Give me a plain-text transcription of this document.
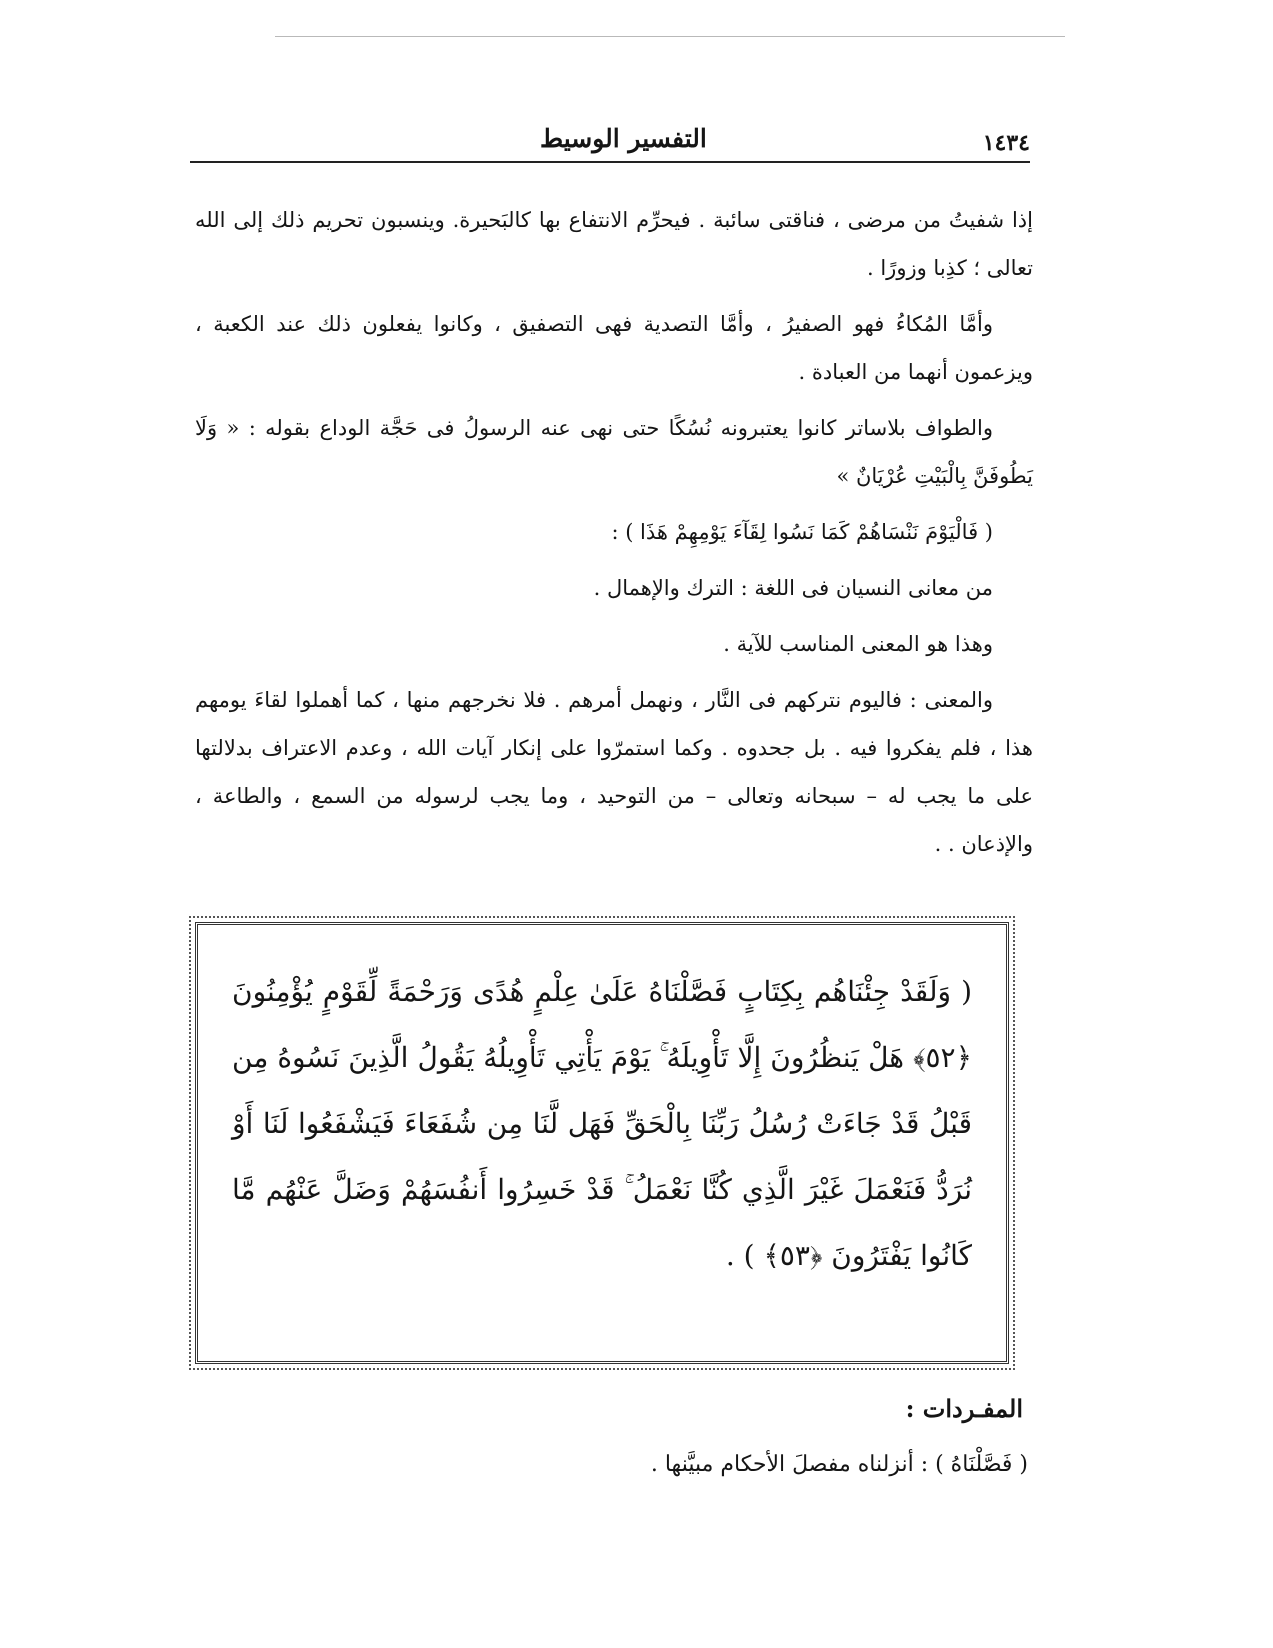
١٤٣٤
التفسير الوسيط

إذا شفيتُ من مرضى ، فناقتى سائبة . فيحرِّم الانتفاع بها كالبَحيرة. وينسبون تحريم ذلك إلى الله تعالى ؛ كذِبا وزورًا .

وأمَّا المُكاءُ فهو الصفيرُ ، وأمَّا التصدية فهى التصفيق ، وكانوا يفعلون ذلك عند الكعبة ، ويزعمون أنهما من العبادة .

والطواف بلاساتر كانوا يعتبرونه نُسُكًا حتى نهى عنه الرسولُ فى حَجَّة الوداع بقوله : « وَلَا يَطُوفَنَّ بِالْبَيْتِ عُرْيَانٌ »

( فَالْيَوْمَ نَنْسَاهُمْ كَمَا نَسُوا لِقَآءَ يَوْمِهِمْ هَذَا ) :

من معانى النسيان فى اللغة : الترك والإهمال .

وهذا هو المعنى المناسب للآية .

والمعنى : فاليوم نتركهم فى النَّار ، ونهمل أمرهم . فلا نخرجهم منها ، كما أهملوا لقاءَ يومهم هذا ، فلم يفكروا فيه . بل جحدوه . وكما استمرّوا على إنكار آيات الله ، وعدم الاعتراف بدلالتها على ما يجب له – سبحانه وتعالى – من التوحيد ، وما يجب لرسوله من السمع ، والطاعة ، والإذعان . .

( وَلَقَدْ جِئْنَاهُم بِكِتَابٍ فَصَّلْنَاهُ عَلَىٰ عِلْمٍ هُدًى وَرَحْمَةً لِّقَوْمٍ يُؤْمِنُونَ ﴿٥٢﴾ هَلْ يَنظُرُونَ إِلَّا تَأْوِيلَهُ ۚ يَوْمَ يَأْتِي تَأْوِيلُهُ يَقُولُ الَّذِينَ نَسُوهُ مِن قَبْلُ قَدْ جَاءَتْ رُسُلُ رَبِّنَا بِالْحَقِّ فَهَل لَّنَا مِن شُفَعَاءَ فَيَشْفَعُوا لَنَا أَوْ نُرَدُّ فَنَعْمَلَ غَيْرَ الَّذِي كُنَّا نَعْمَلُ ۚ قَدْ خَسِرُوا أَنفُسَهُمْ وَضَلَّ عَنْهُم مَّا كَانُوا يَفْتَرُونَ ﴿٥٣﴾ ) .
المفـردات :
( فَصَّلْنَاهُ ) : أنزلناه مفصلَ الأحكام مبيَّنها .
